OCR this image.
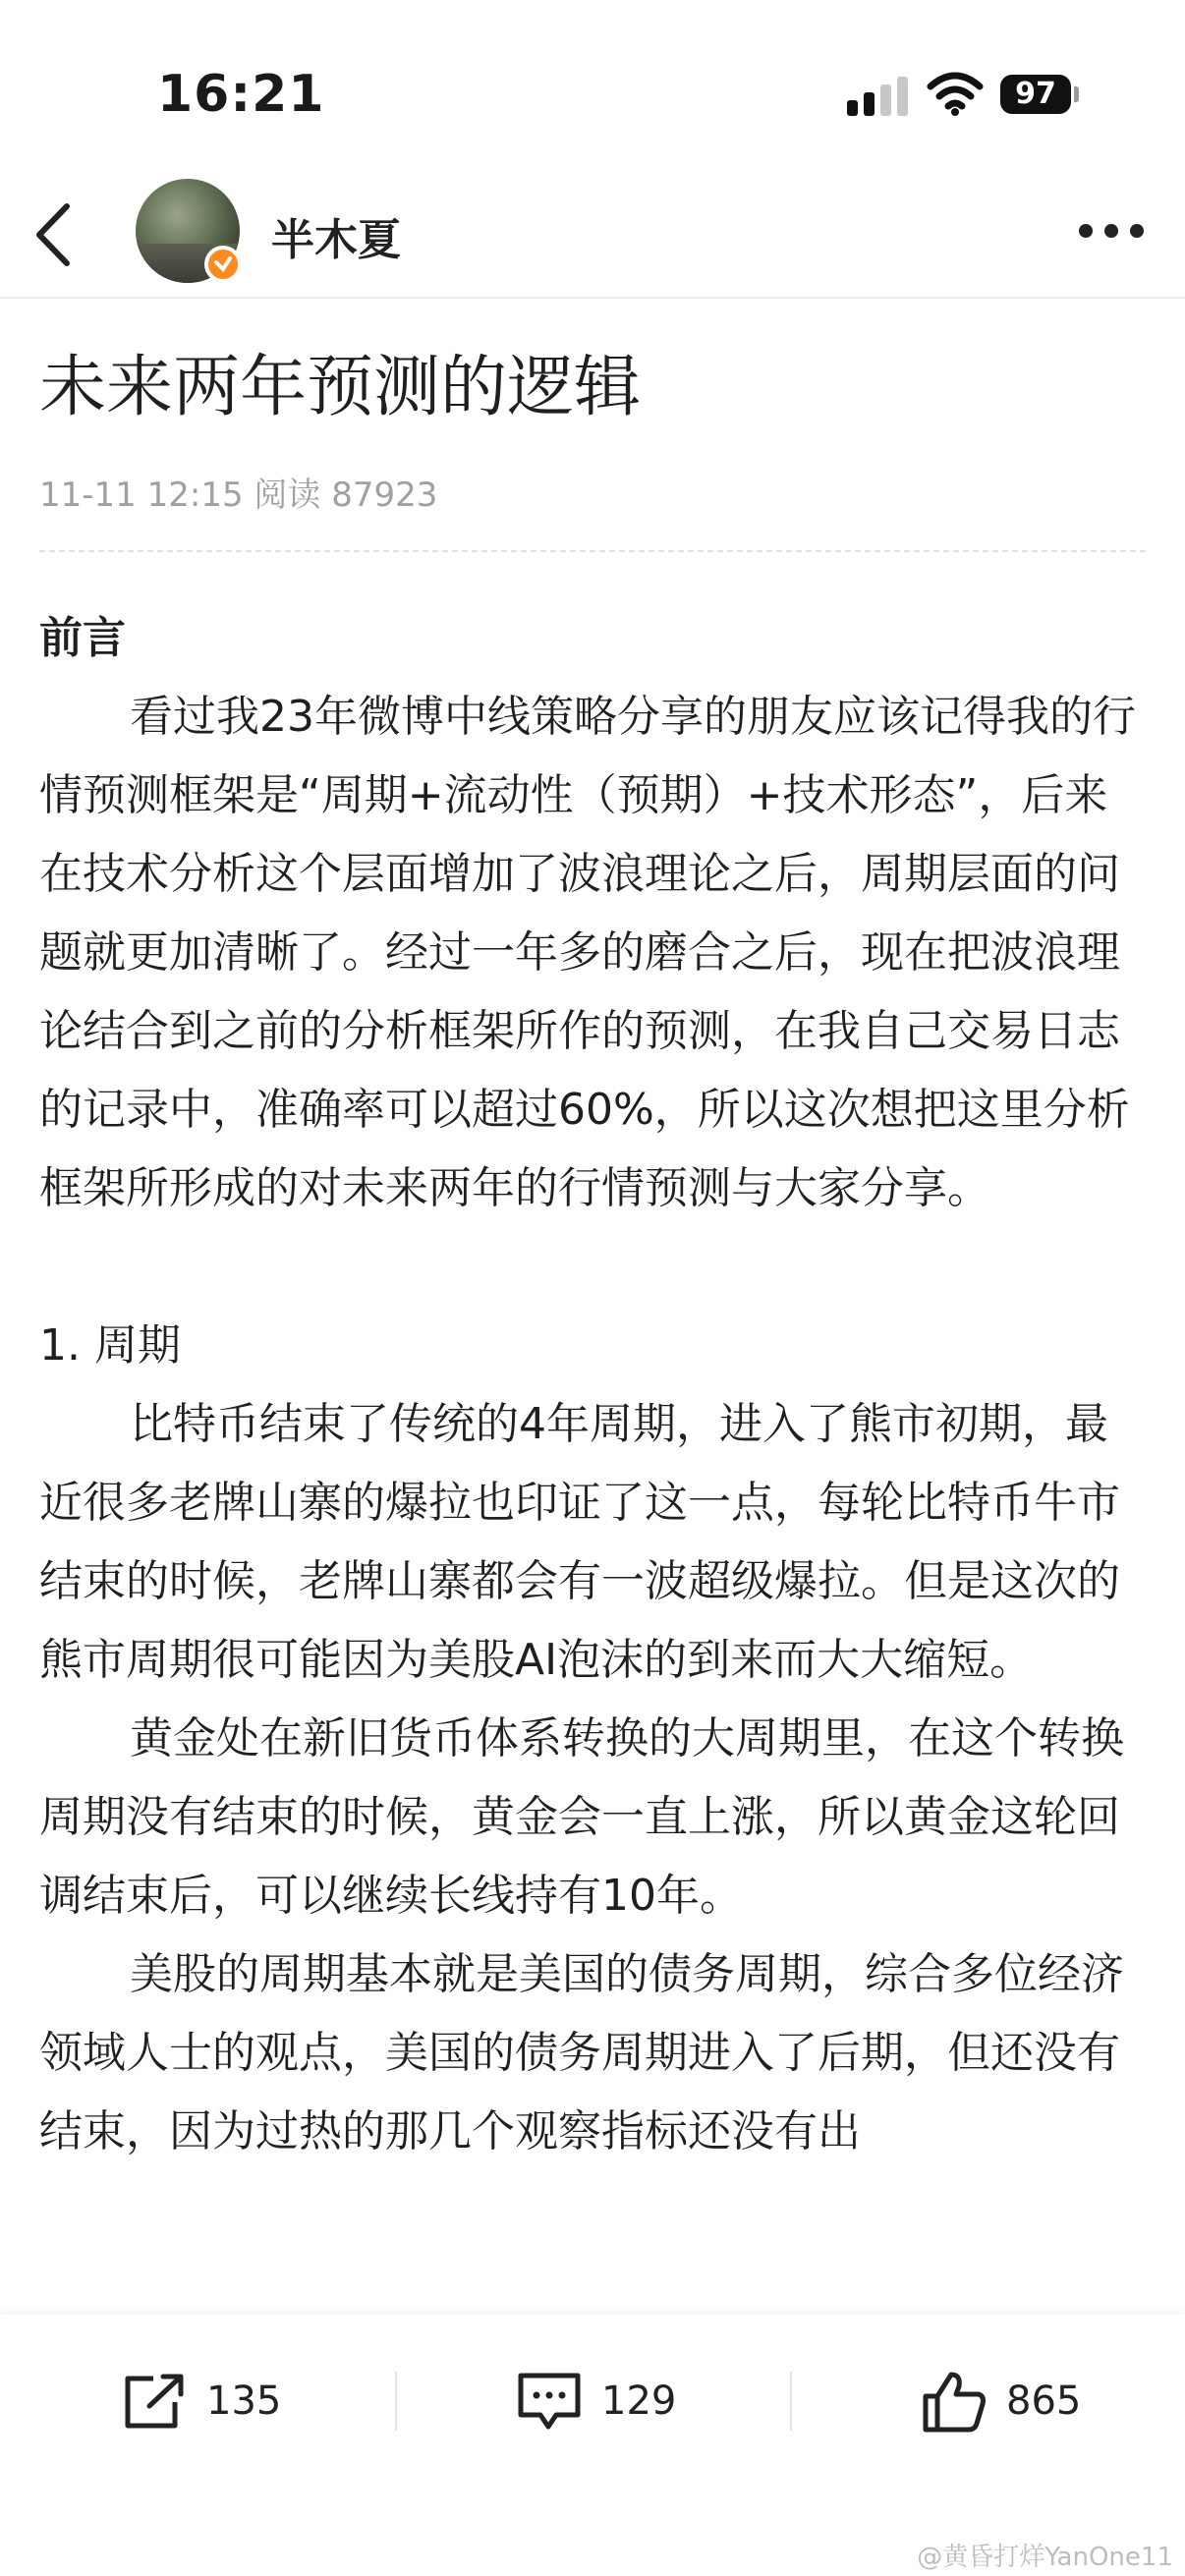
16:21	97
半木夏
未来两年预测的逻辑
11-11 12:15 阅读 87923

前言

看过我23年微博中线策略分享的朋友应该记得我的行情预测框架是“周期+流动性（预期）+技术形态”，后来在技术分析这个层面增加了波浪理论之后，周期层面的问题就更加清晰了。经过一年多的磨合之后，现在把波浪理论结合到之前的分析框架所作的预测，在我自己交易日志的记录中，准确率可以超过60%，所以这次想把这里分析框架所形成的对未来两年的行情预测与大家分享。

1. 周期

比特币结束了传统的4年周期，进入了熊市初期，最近很多老牌山寨的爆拉也印证了这一点，每轮比特币牛市结束的时候，老牌山寨都会有一波超级爆拉。但是这次的熊市周期很可能因为美股AI泡沫的到来而大大缩短。

黄金处在新旧货币体系转换的大周期里，在这个转换周期没有结束的时候，黄金会一直上涨，所以黄金这轮回调结束后，可以继续长线持有10年。

美股的周期基本就是美国的债务周期，综合多位经济领域人士的观点，美国的债务周期进入了后期，但还没有结束，因为过热的那几个观察指标还没有出

135	129	865
@黄昏打烊YanOne11
